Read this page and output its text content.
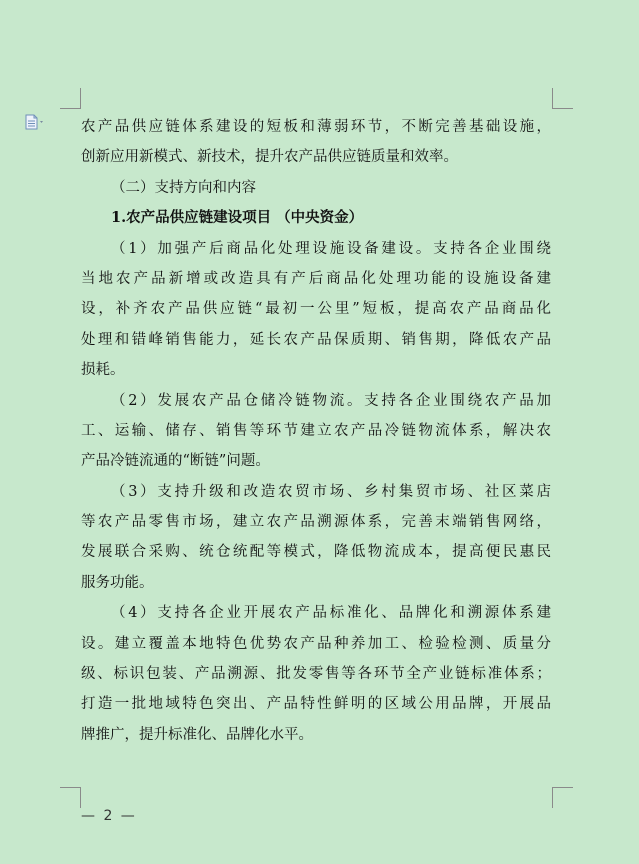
农产品供应链体系建设的短板和薄弱环节，不断完善基础设施，
创新应用新模式、新技术，提升农产品供应链质量和效率。
（二）支持方向和内容
1.农产品供应链建设项目 （中央资金）
（1）加强产后商品化处理设施设备建设。支持各企业围绕
当地农产品新增或改造具有产后商品化处理功能的设施设备建
设，补齐农产品供应链“最初一公里”短板，提高农产品商品化
处理和错峰销售能力，延长农产品保质期、销售期，降低农产品
损耗。
（2）发展农产品仓储冷链物流。支持各企业围绕农产品加
工、运输、储存、销售等环节建立农产品冷链物流体系，解决农
产品冷链流通的“断链”问题。
（3）支持升级和改造农贸市场、乡村集贸市场、社区菜店
等农产品零售市场，建立农产品溯源体系，完善末端销售网络，
发展联合采购、统仓统配等模式，降低物流成本，提高便民惠民
服务功能。
（4）支持各企业开展农产品标准化、品牌化和溯源体系建
设。建立覆盖本地特色优势农产品种养加工、检验检测、质量分
级、标识包装、产品溯源、批发零售等各环节全产业链标准体系；
打造一批地域特色突出、产品特性鲜明的区域公用品牌，开展品
牌推广，提升标准化、品牌化水平。
— 2 —
